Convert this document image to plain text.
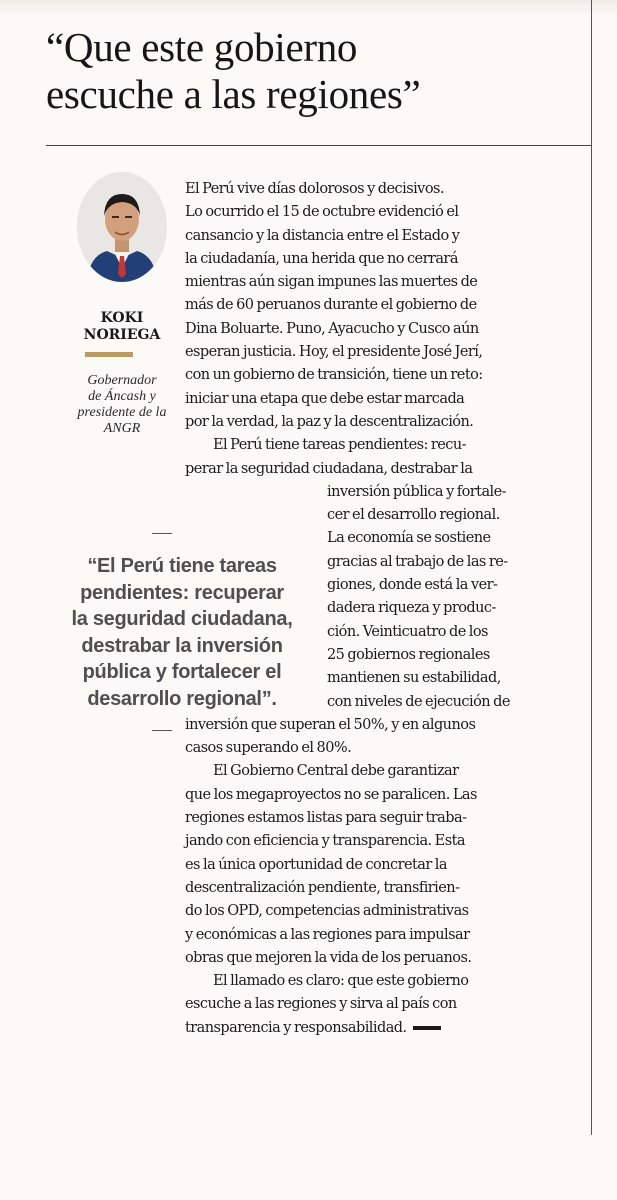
“Que este gobierno
escuche a las regiones”
KOKI
NORIEGA

Gobernador
de Áncash y
presidente de la
ANGR

“El Perú tiene tareas
pendientes: recuperar
la seguridad ciudadana,
destrabar la inversión
pública y fortalecer el
desarrollo regional”.

El Perú vive días dolorosos y decisivos.
Lo ocurrido el 15 de octubre evidenció el
cansancio y la distancia entre el Estado y
la ciudadanía, una herida que no cerrará
mientras aún sigan impunes las muertes de
más de 60 peruanos durante el gobierno de
Dina Boluarte. Puno, Ayacucho y Cusco aún
esperan justicia. Hoy, el presidente José Jerí,
con un gobierno de transición, tiene un reto:
iniciar una etapa que debe estar marcada
por la verdad, la paz y la descentralización.
El Perú tiene tareas pendientes: recu-
perar la seguridad ciudadana, destrabar la
inversión pública y fortale-
cer el desarrollo regional.
La economía se sostiene
gracias al trabajo de las re-
giones, donde está la ver-
dadera riqueza y produc-
ción. Veinticuatro de los
25 gobiernos regionales
mantienen su estabilidad,
con niveles de ejecución de
inversión que superan el 50%, y en algunos
casos superando el 80%.
El Gobierno Central debe garantizar
que los megaproyectos no se paralicen. Las
regiones estamos listas para seguir traba-
jando con eficiencia y transparencia. Esta
es la única oportunidad de concretar la
descentralización pendiente, transfirien-
do los OPD, competencias administrativas
y económicas a las regiones para impulsar
obras que mejoren la vida de los peruanos.
El llamado es claro: que este gobierno
escuche a las regiones y sirva al país con
transparencia y responsabilidad.
